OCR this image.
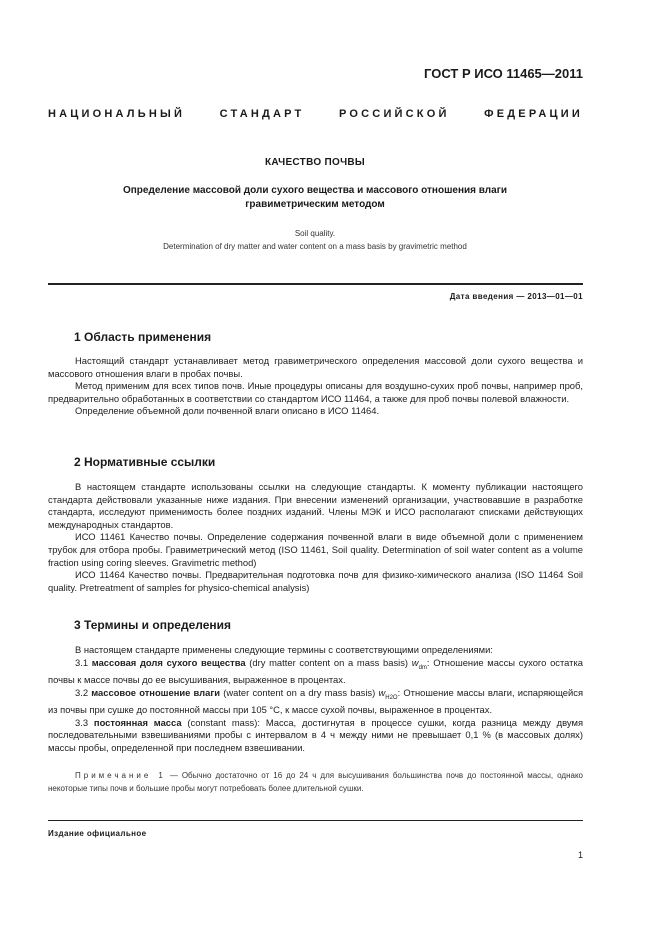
ГОСТ Р ИСО 11465—2011
НАЦИОНАЛЬНЫЙ	СТАНДАРТ	РОССИЙСКОЙ	ФЕДЕРАЦИИ
КАЧЕСТВО ПОЧВЫ
Определение массовой доли сухого вещества и массового отношения влаги
гравиметрическим методом
Soil quality.
Determination of dry matter and water content on a mass basis by gravimetric method
Дата введения — 2013—01—01
1 Область применения
Настоящий стандарт устанавливает метод гравиметрического определения массовой доли сухого вещества и массового отношения влаги в пробах почвы.
Метод применим для всех типов почв. Иные процедуры описаны для воздушно-сухих проб почвы, например проб, предварительно обработанных в соответствии со стандартом ИСО 11464, а также для проб почвы полевой влажности.
Определение объемной доли почвенной влаги описано в ИСО 11464.
2 Нормативные ссылки
В настоящем стандарте использованы ссылки на следующие стандарты. К моменту публикации настоящего стандарта действовали указанные ниже издания. При внесении изменений организации, участвовавшие в разработке стандарта, исследуют применимость более поздних изданий. Члены МЭК и ИСО располагают списками действующих международных стандартов.
ИСО 11461 Качество почвы. Определение содержания почвенной влаги в виде объемной доли с применением трубок для отбора пробы. Гравиметрический метод (ISO 11461, Soil quality. Determination of soil water content as a volume fraction using coring sleeves. Gravimetric method)
ИСО 11464 Качество почвы. Предварительная подготовка почв для физико-химического анализа (ISO 11464 Soil quality. Pretreatment of samples for physico-chemical analysis)
3 Термины и определения
В настоящем стандарте применены следующие термины с соответствующими определениями:
3.1 массовая доля сухого вещества (dry matter content on a mass basis) $w_{dm}$: Отношение массы сухого остатка почвы к массе почвы до ее высушивания, выраженное в процентах.
3.2 массовое отношение влаги (water content on a dry mass basis) $w_{H2O}$: Отношение массы влаги, испаряющейся из почвы при сушке до постоянной массы при 105 °С, к массе сухой почвы, выраженное в процентах.
3.3 постоянная масса (constant mass): Масса, достигнутая в процессе сушки, когда разница между двумя последовательными взвешиваниями пробы с интервалом в 4 ч между ними не превышает 0,1 % (в массовых долях) массы пробы, определенной при последнем взвешивании.
Примечание 1 — Обычно достаточно от 16 до 24 ч для высушивания большинства почв до постоянной массы, однако некоторые типы почв и большие пробы могут потребовать более длительной сушки.
Издание официальное
1
